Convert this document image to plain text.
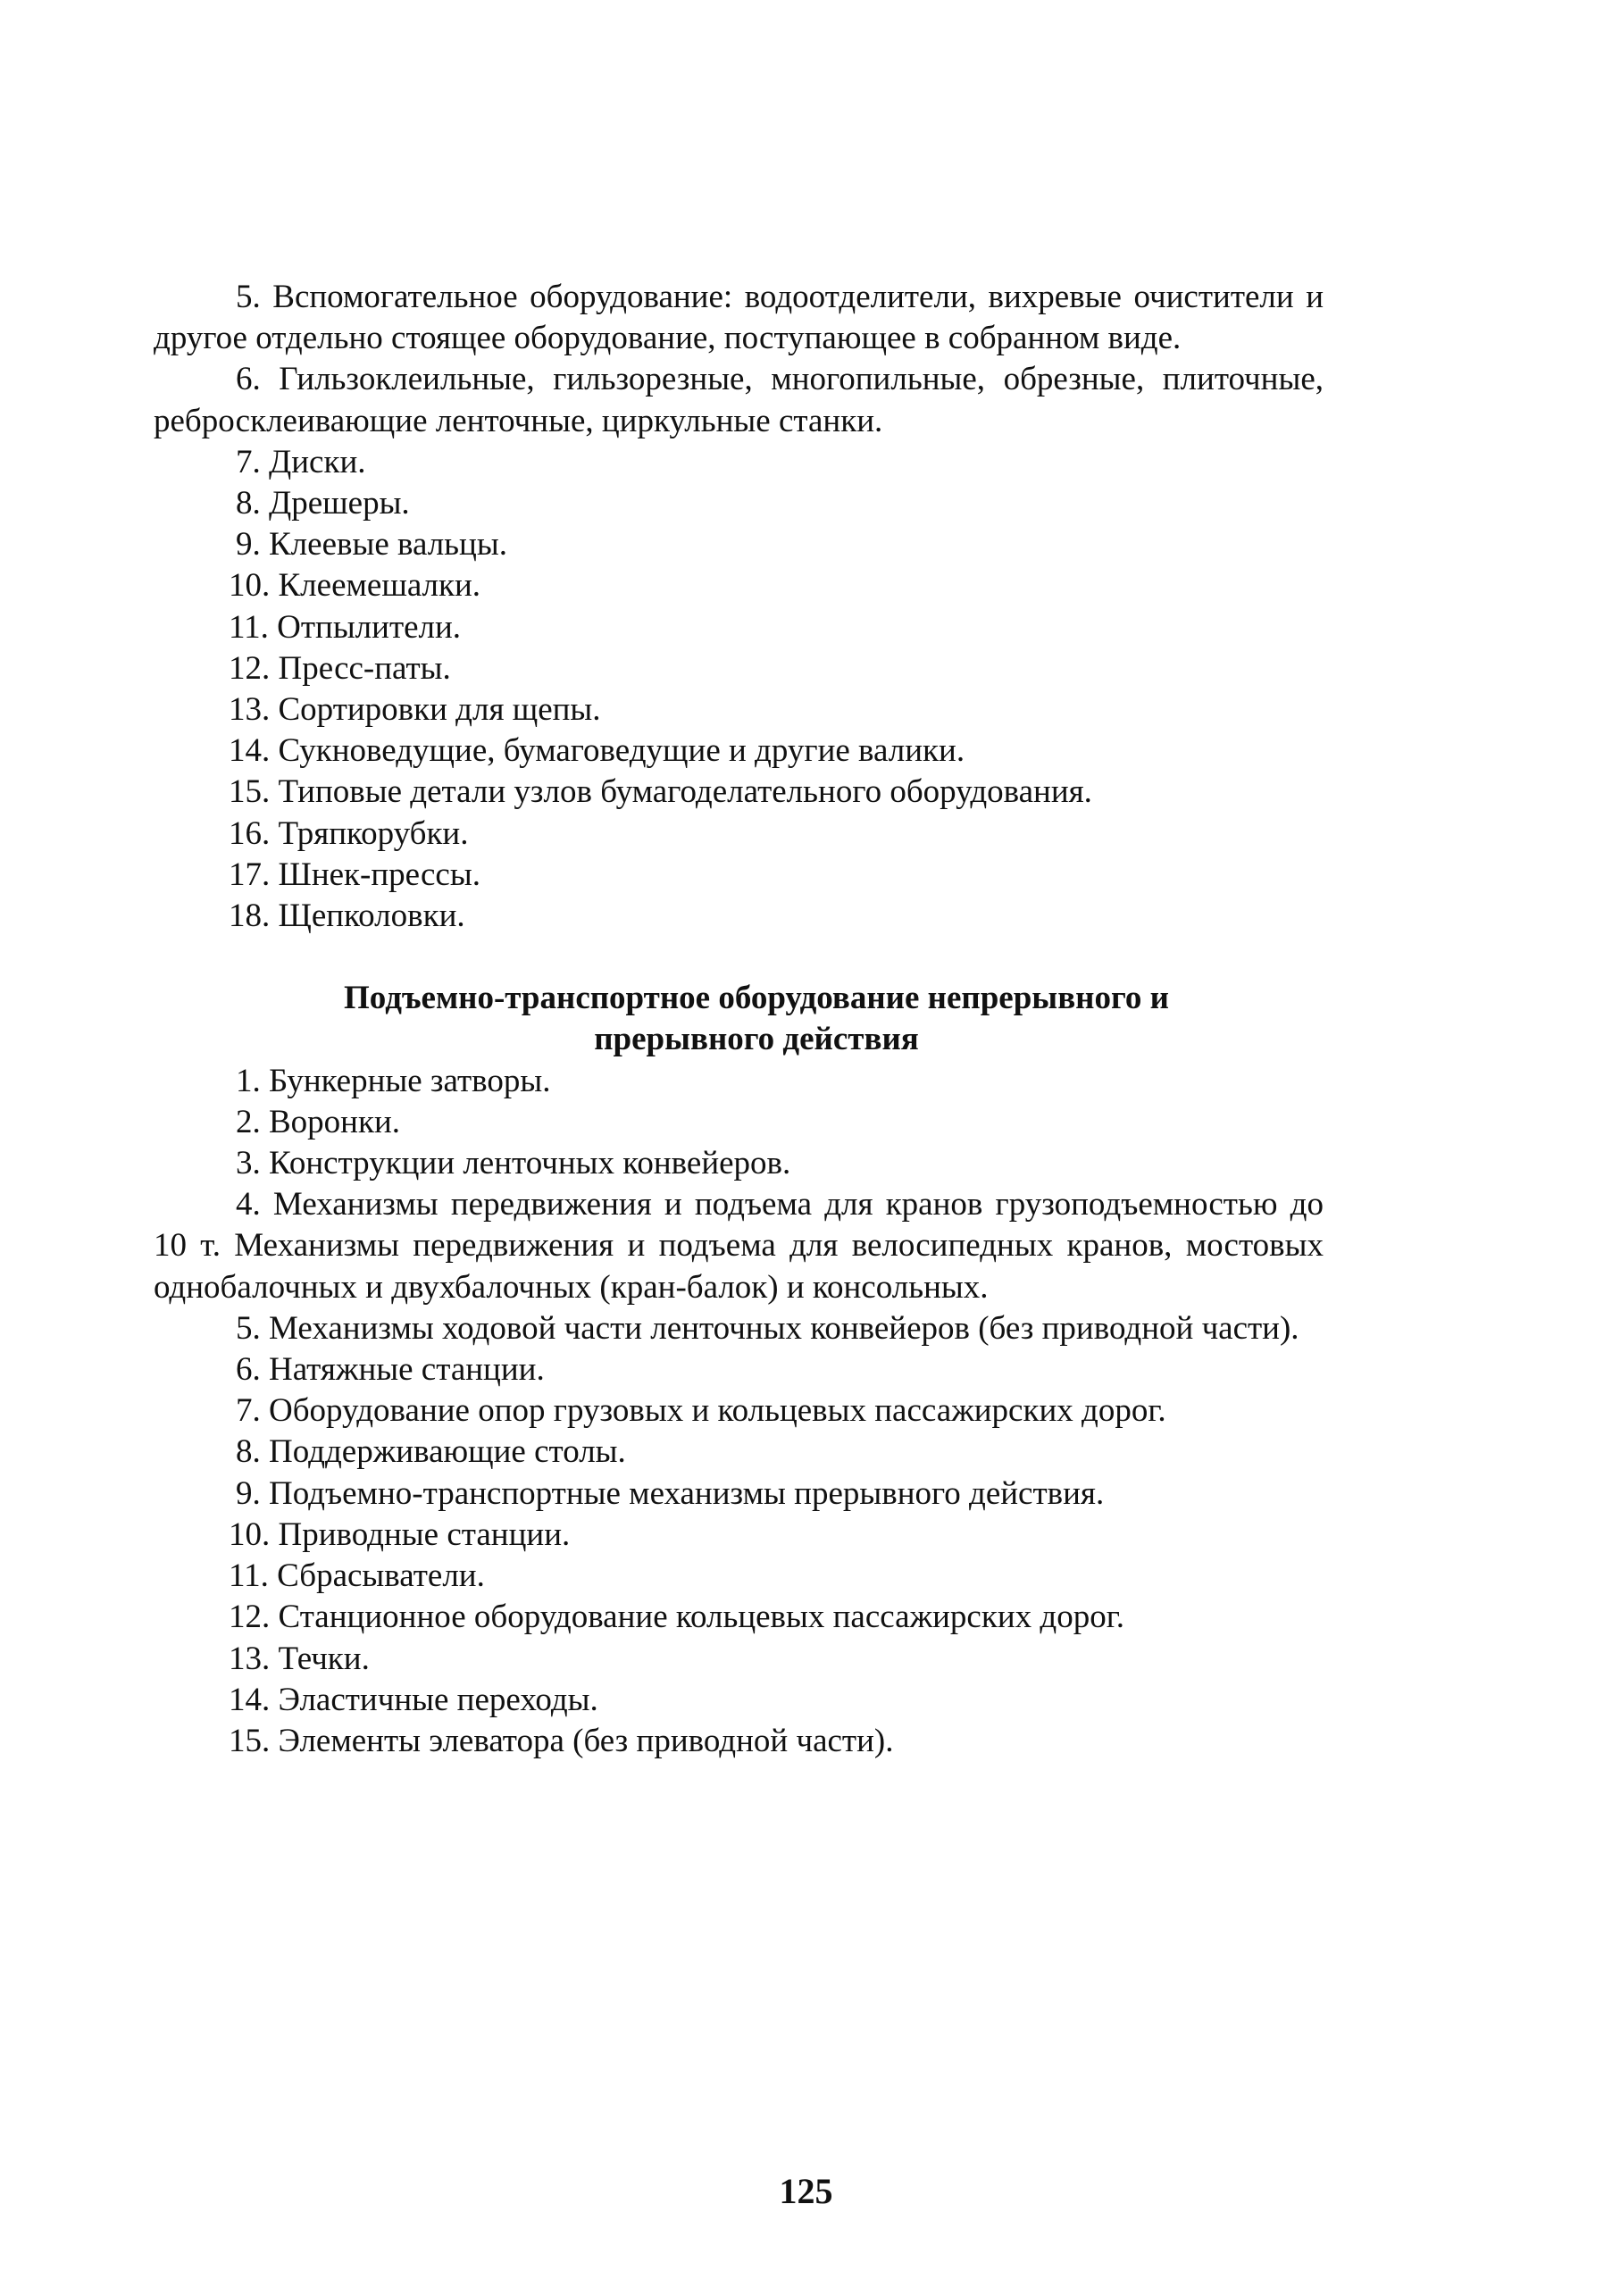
5. Вспомогательное оборудование: водоотделители, вихревые очистители и другое отдельно стоящее оборудование, поступающее в собранном виде.

6. Гильзоклеильные, гильзорезные, многопильные, обрезные, плиточные, ребросклеивающие ленточные, циркульные станки.

7. Диски.

8. Дрешеры.

9. Клеевые вальцы.

10. Клеемешалки.

11. Отпылители.

12. Пресс-паты.

13. Сортировки для щепы.

14. Сукноведущие, бумаговедущие и другие валики.

15. Типовые детали узлов бумагоделательного оборудования.

16. Тряпкорубки.

17. Шнек-прессы.

18. Щепколовки.

Подъемно-транспортное оборудование непрерывного и

прерывного действия

1. Бункерные затворы.

2. Воронки.

3. Конструкции ленточных конвейеров.

4. Механизмы передвижения и подъема для кранов грузоподъемностью до 10 т. Механизмы передвижения и подъема для велосипедных кранов, мостовых однобалочных и двухбалочных (кран-балок) и консольных.

5. Механизмы ходовой части ленточных конвейеров (без приводной части).

6. Натяжные станции.

7. Оборудование опор грузовых и кольцевых пассажирских дорог.

8. Поддерживающие столы.

9. Подъемно-транспортные механизмы прерывного действия.

10. Приводные станции.

11. Сбрасыватели.

12. Станционное оборудование кольцевых пассажирских дорог.

13. Течки.

14. Эластичные переходы.

15. Элементы элеватора (без приводной части).

125
